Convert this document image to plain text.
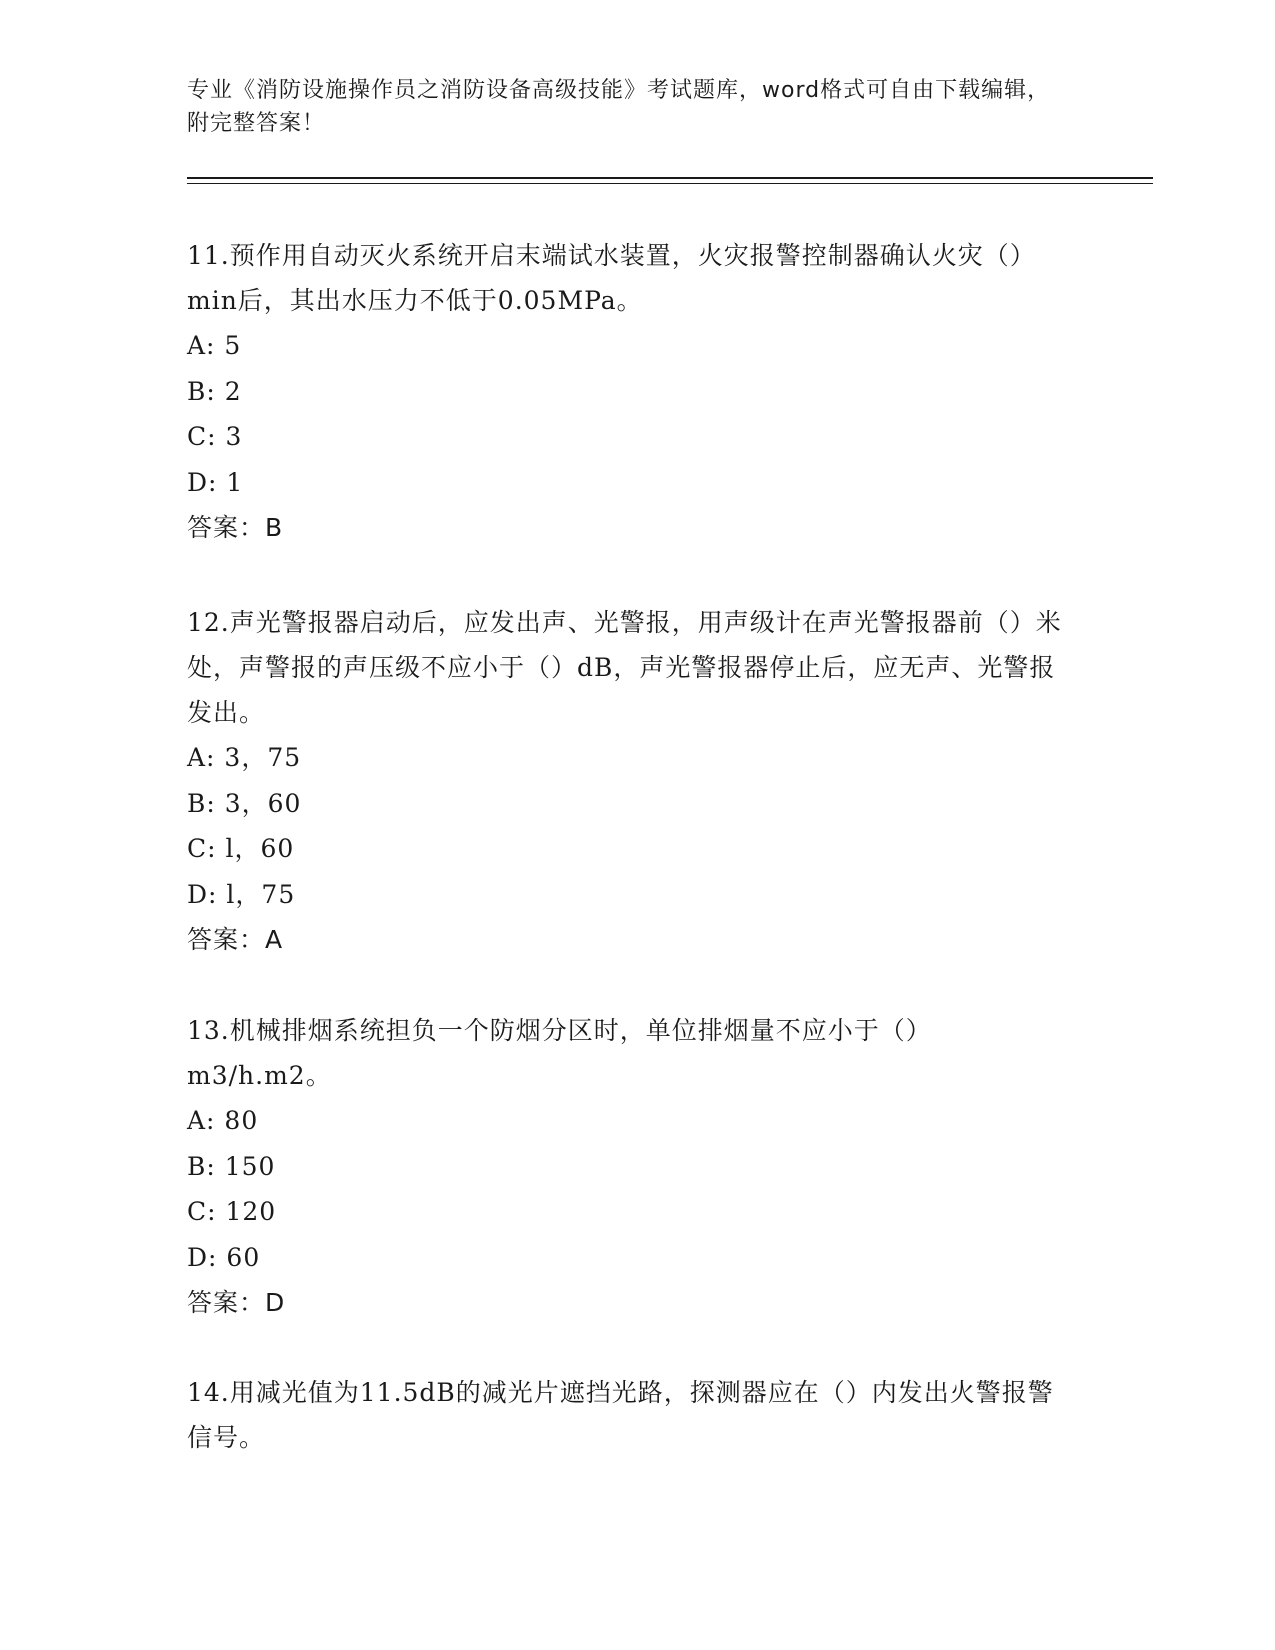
专业《消防设施操作员之消防设备高级技能》考试题库，word格式可自由下载编辑，附完整答案！

11.预作用自动灭火系统开启末端试水装置，火灾报警控制器确认火灾（）min后，其出水压力不低于0.05MPa。

A: 5

B: 2

C: 3

D: 1

答案：B

12.声光警报器启动后，应发出声、光警报，用声级计在声光警报器前（）米处，声警报的声压级不应小于（）dB，声光警报器停止后，应无声、光警报发出。

A: 3，75

B: 3，60

C: l，60

D: l，75

答案：A

13.机械排烟系统担负一个防烟分区时，单位排烟量不应小于（）m3/h.m2。

A: 80

B: 150

C: 120

D: 60

答案：D

14.用减光值为11.5dB的减光片遮挡光路，探测器应在（）内发出火警报警信号。
